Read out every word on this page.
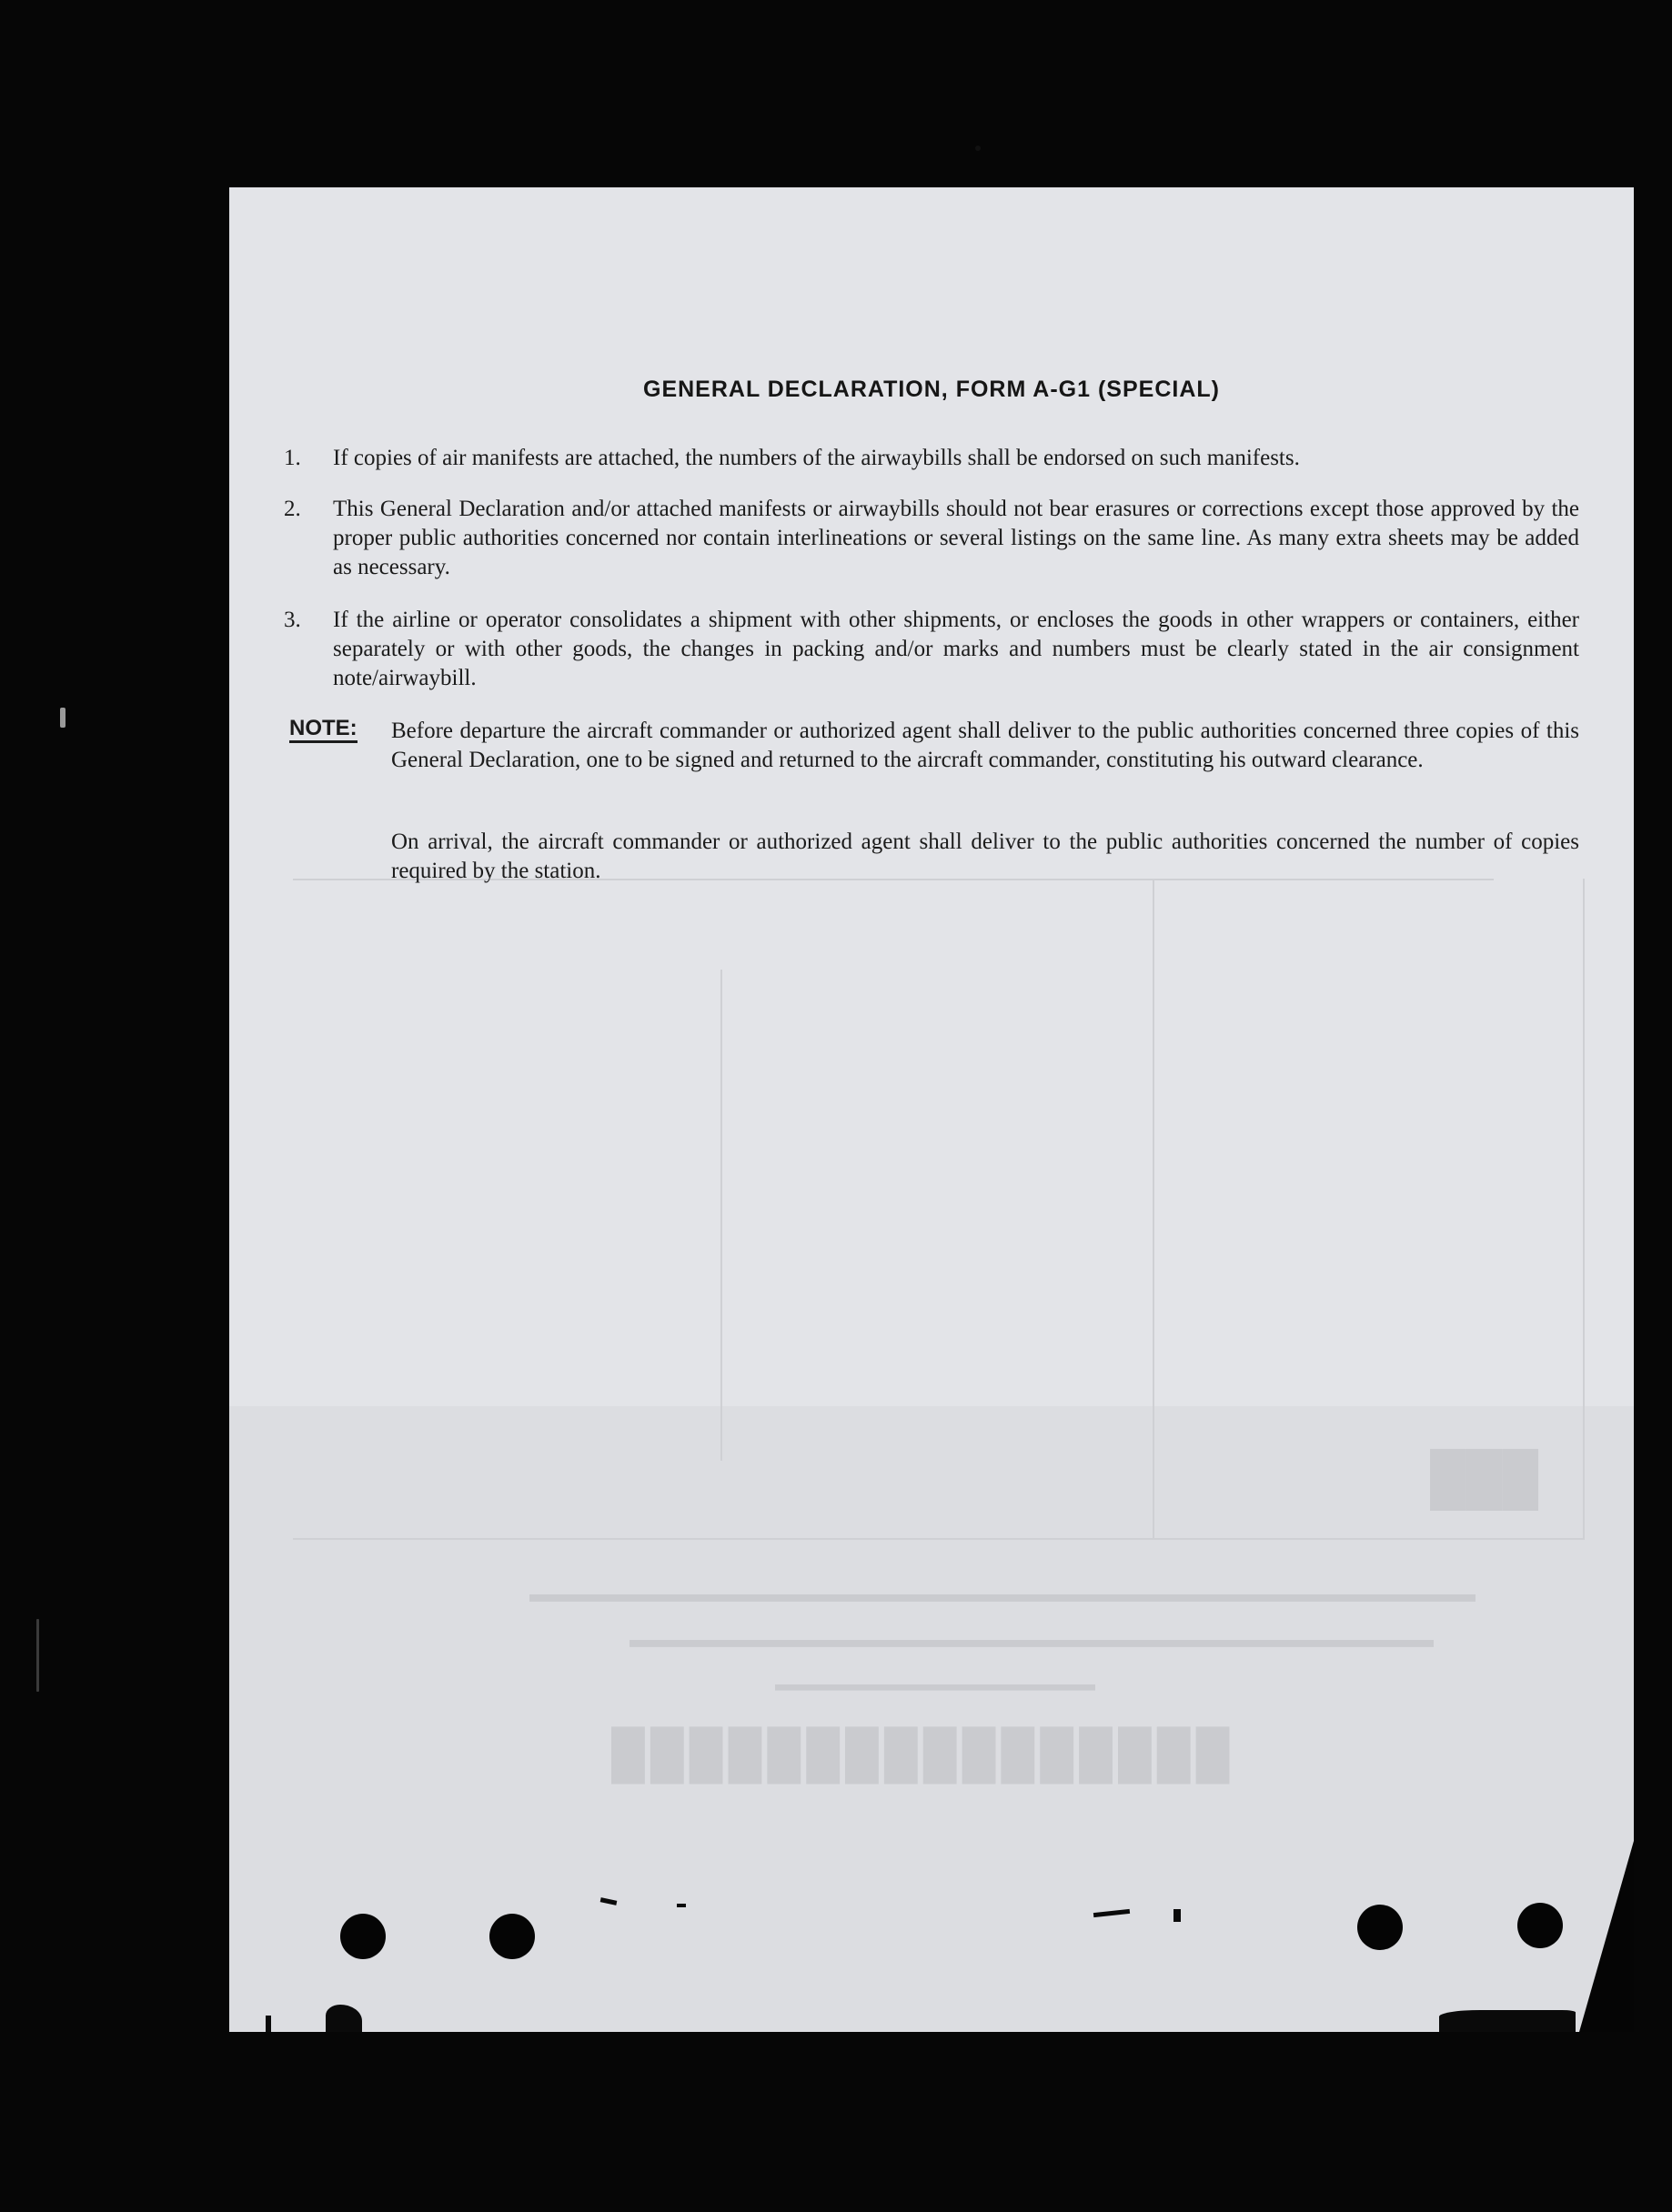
████████████████
███
▬▬▬▬▬▬▬▬▬▬▬▬▬▬▬▬▬▬▬▬▬▬▬▬▬▬▬▬▬▬▬▬▬▬▬▬▬▬▬▬
▬▬▬▬▬▬▬▬▬▬▬▬▬▬▬▬▬▬▬▬▬▬▬▬▬▬▬▬▬▬▬▬▬▬
▬▬▬▬▬▬▬▬▬▬▬▬▬▬▬▬
GENERAL DECLARATION, FORM A-G1 (SPECIAL)
1. If copies of air manifests are attached, the numbers of the airwaybills shall be endorsed on such manifests.
2. This General Declaration and/or attached manifests or airwaybills should not bear erasures or corrections except those approved by the proper public authorities concerned nor contain interlineations or several listings on the same line. As many extra sheets may be added as necessary.
3. If the airline or operator consolidates a shipment with other shipments, or encloses the goods in other wrappers or containers, either separately or with other goods, the changes in packing and/or marks and numbers must be clearly stated in the air consignment note/airwaybill.
NOTE: Before departure the aircraft commander or authorized agent shall deliver to the public authorities concerned three copies of this General Declaration, one to be signed and returned to the aircraft commander, constituting his outward clearance.
On arrival, the aircraft commander or authorized agent shall deliver to the public authorities concerned the number of copies required by the station.
